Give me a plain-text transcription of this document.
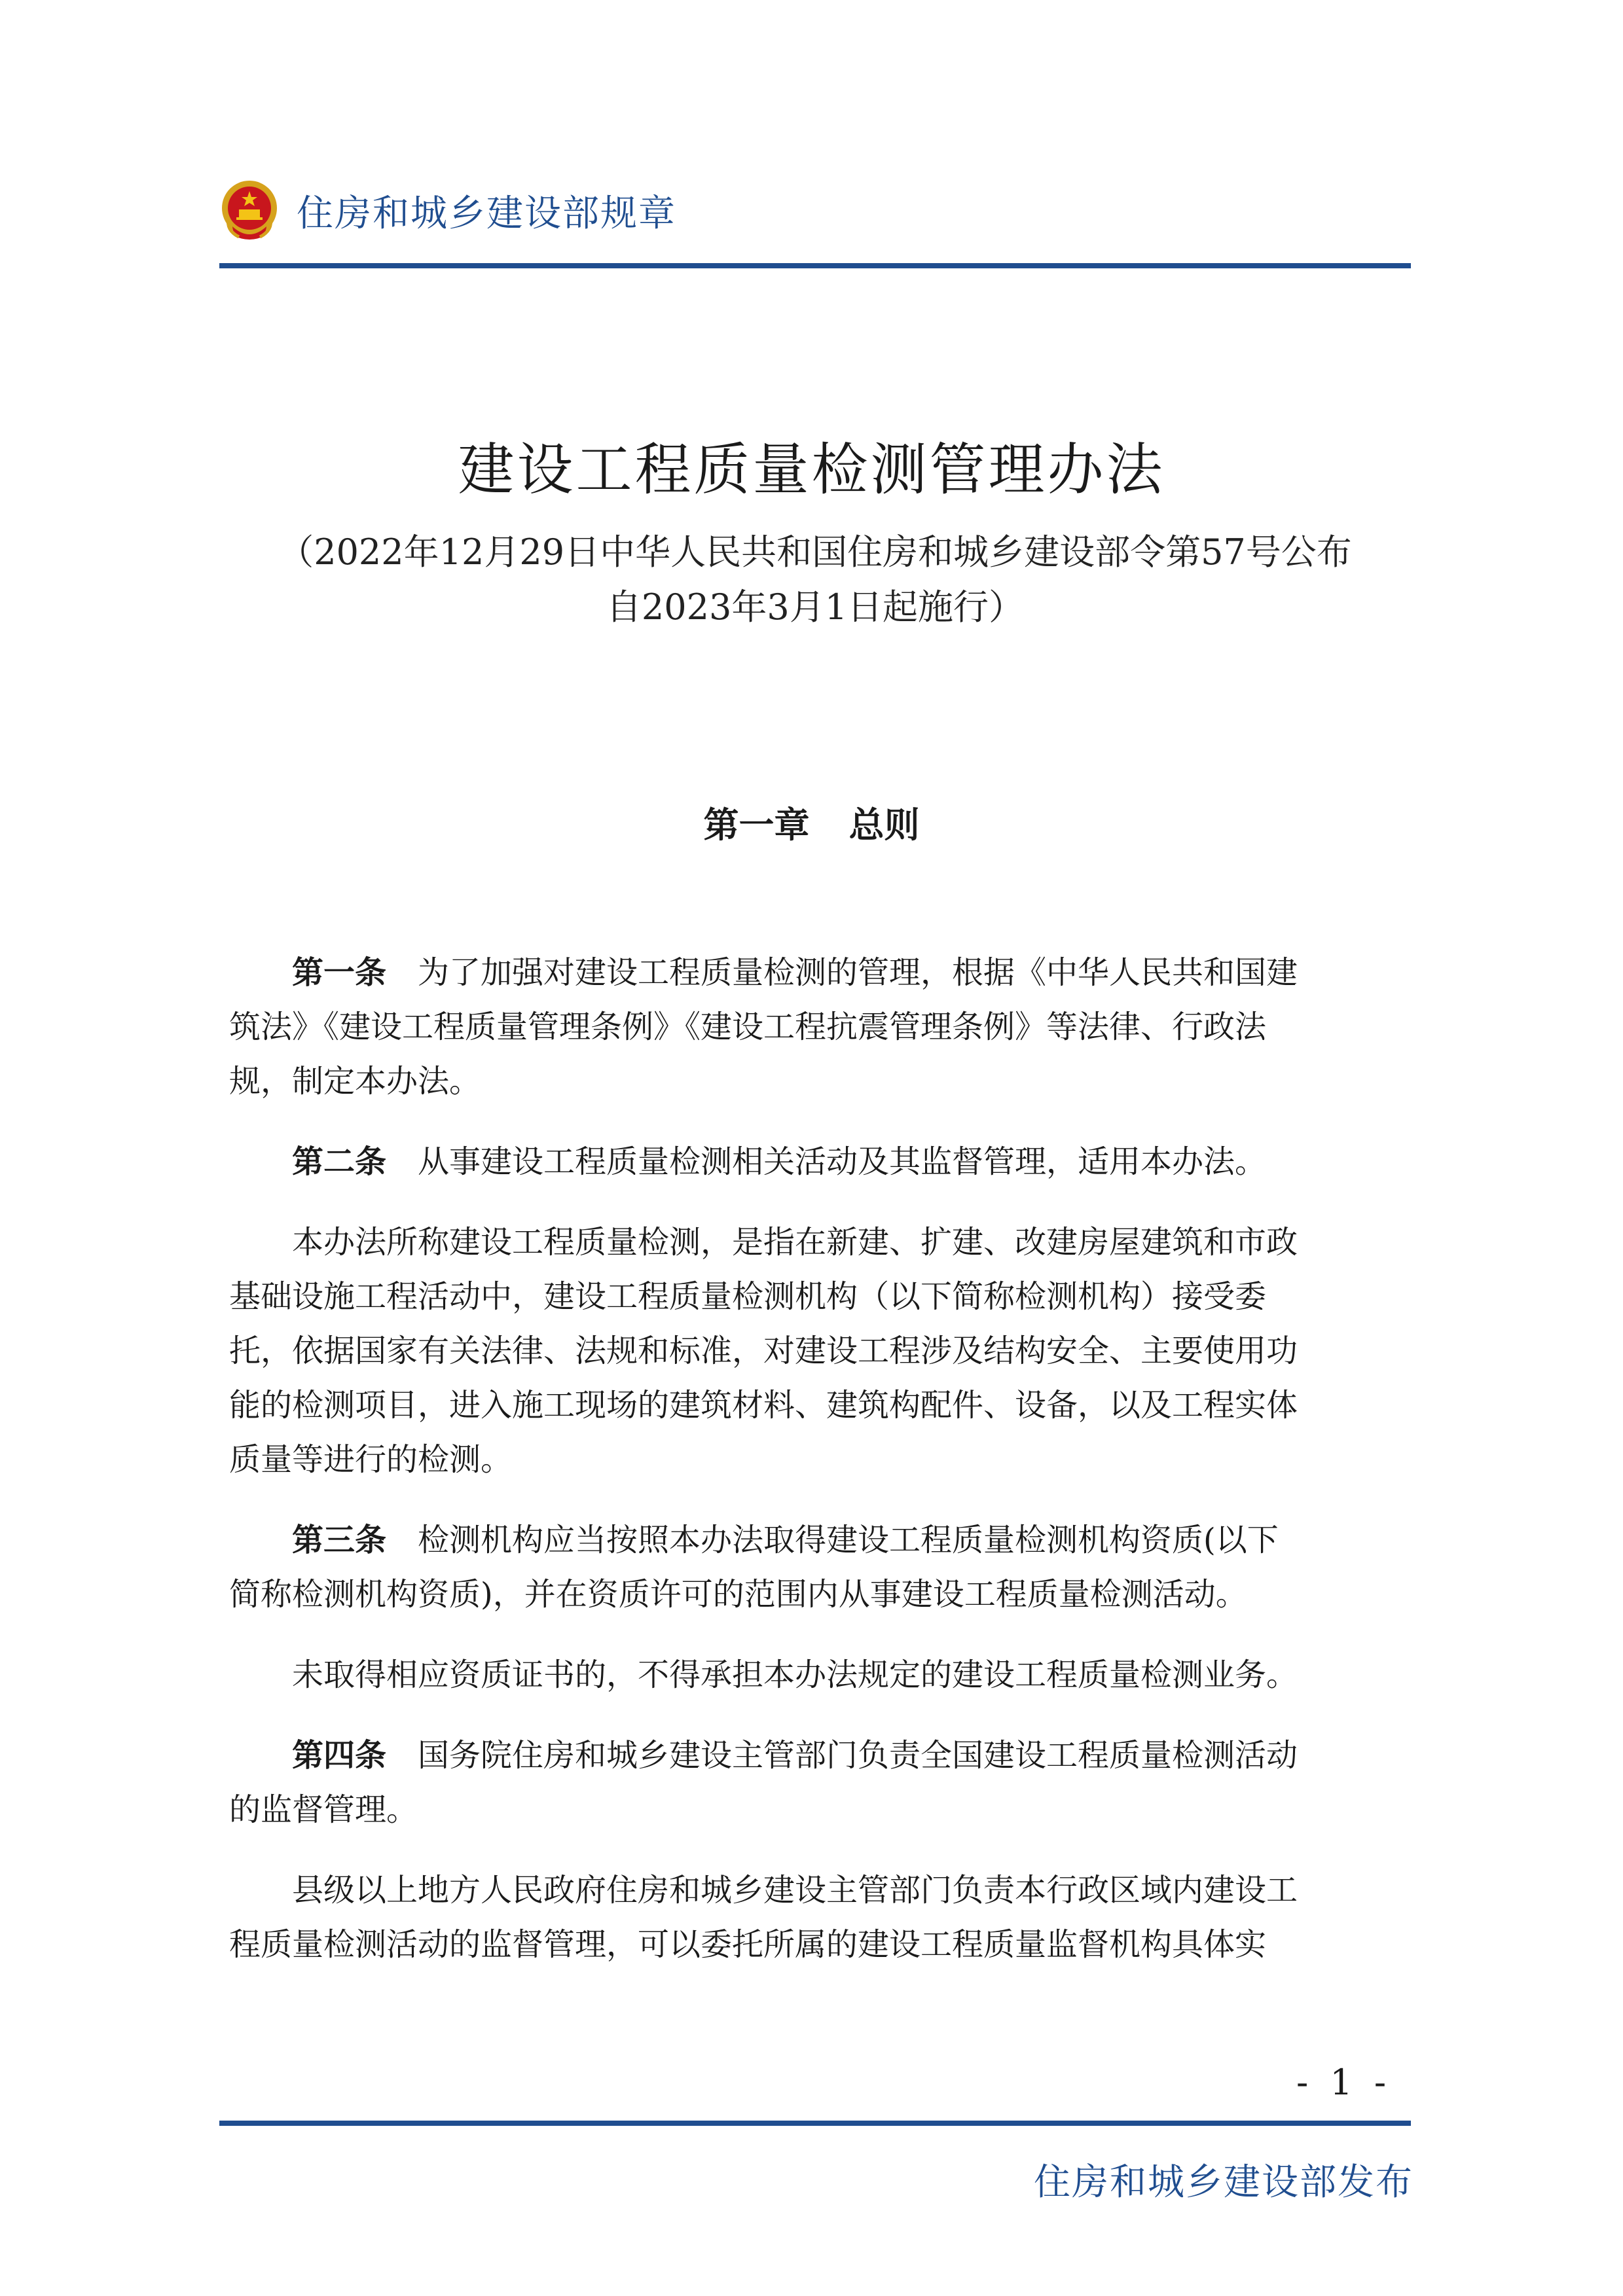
住房和城乡建设部规章
建设工程质量检测管理办法
（2022年12月29日中华人民共和国住房和城乡建设部令第57号公布
自2023年3月1日起施行）
第一章 总则

　　第一条　为了加强对建设工程质量检测的管理，根据《中华人民共和国建

筑法》《建设工程质量管理条例》《建设工程抗震管理条例》等法律、行政法

规，制定本办法。

　　第二条　从事建设工程质量检测相关活动及其监督管理，适用本办法。

　　本办法所称建设工程质量检测，是指在新建、扩建、改建房屋建筑和市政

基础设施工程活动中，建设工程质量检测机构（以下简称检测机构）接受委

托，依据国家有关法律、法规和标准，对建设工程涉及结构安全、主要使用功

能的检测项目，进入施工现场的建筑材料、建筑构配件、设备，以及工程实体

质量等进行的检测。

　　第三条　检测机构应当按照本办法取得建设工程质量检测机构资质(以下

简称检测机构资质)，并在资质许可的范围内从事建设工程质量检测活动。

　　未取得相应资质证书的，不得承担本办法规定的建设工程质量检测业务。

　　第四条　国务院住房和城乡建设主管部门负责全国建设工程质量检测活动

的监督管理。

　　县级以上地方人民政府住房和城乡建设主管部门负责本行政区域内建设工

程质量检测活动的监督管理，可以委托所属的建设工程质量监督机构具体实

- 1 -
住房和城乡建设部发布
